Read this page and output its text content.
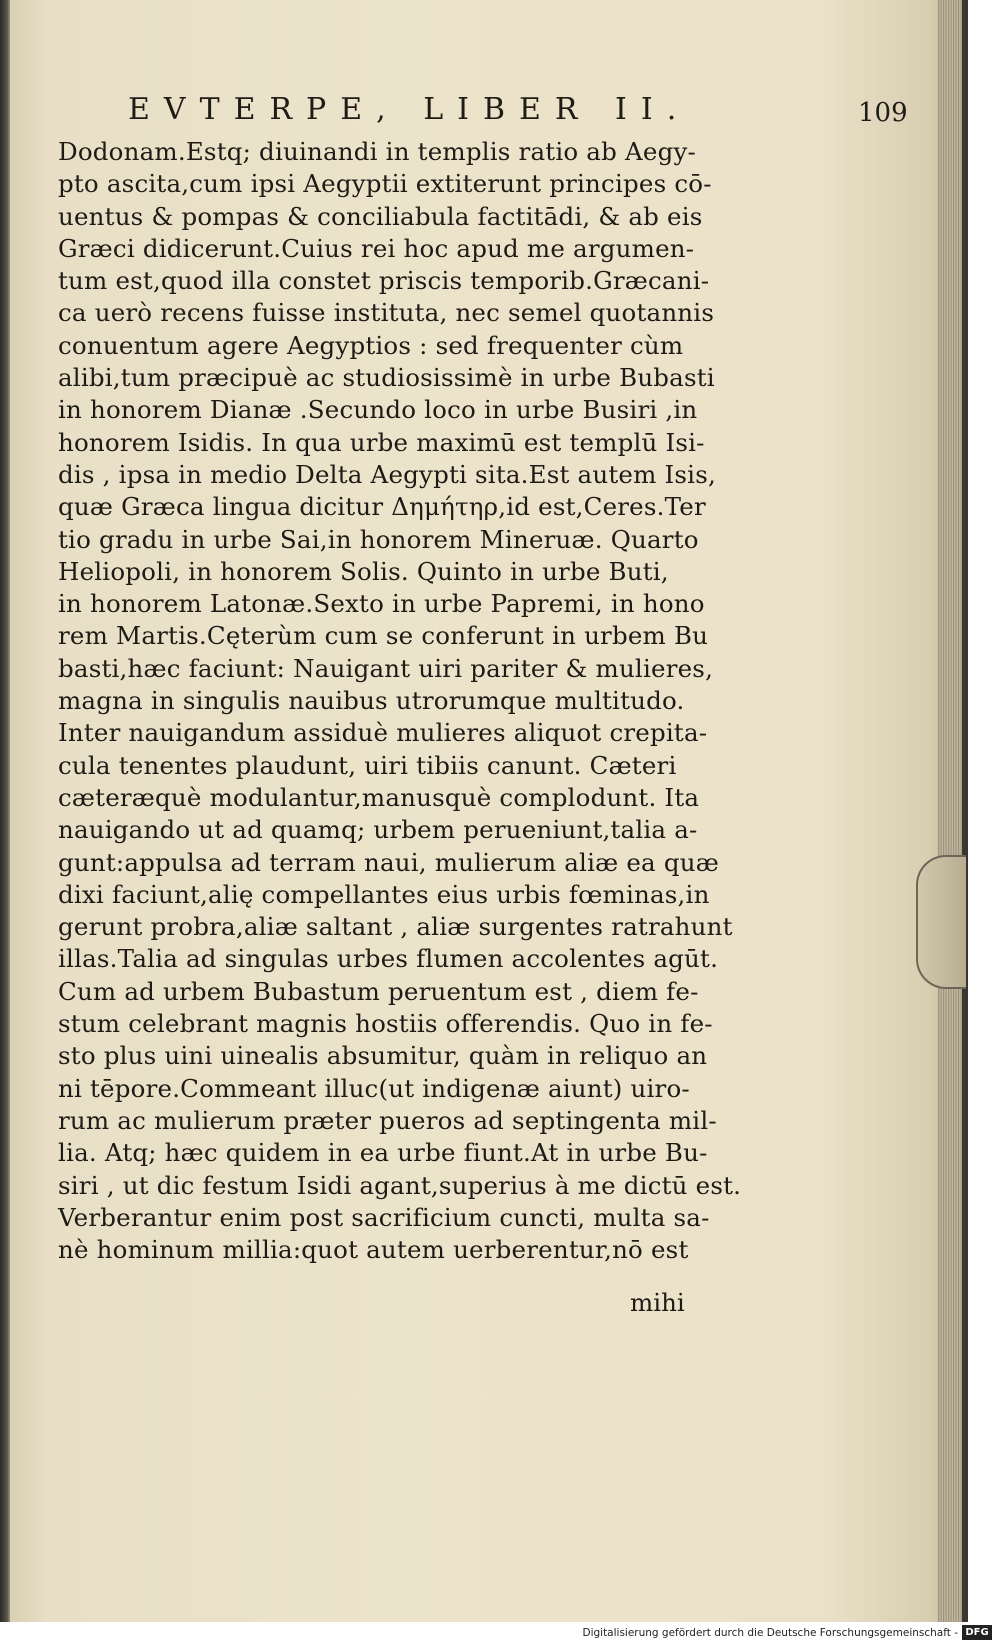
EVTERPE, LIBER II.	109
Dodonam.Estq; diuinandi in templis ratio ab Aegy-
pto ascita,cum ipsi Aegyptii extiterunt principes cō-
uentus & pompas & conciliabula factitādi, & ab eis
Græci didicerunt.Cuius rei hoc apud me argumen-
tum est,quod illa constet priscis temporib.Græcani-
ca uerò recens fuisse instituta, nec semel quotannis
conuentum agere Aegyptios : sed frequenter cùm
alibi,tum præcipuè ac studiosissimè in urbe Bubasti
in honorem Dianæ .Secundo loco in urbe Busiri ,in
honorem Isidis. In qua urbe maximū est templū Isi-
dis , ipsa in medio Delta Aegypti sita.Est autem Isis,
quæ Græca lingua dicitur Δημήτηρ,id est,Ceres.Ter
tio gradu in urbe Sai,in honorem Mineruæ. Quarto
Heliopoli, in honorem Solis. Quinto in urbe Buti,
in honorem Latonæ.Sexto in urbe Papremi, in hono
rem Martis.Cęterùm cum se conferunt in urbem Bu
basti,hæc faciunt: Nauigant uiri pariter & mulieres,
magna in singulis nauibus utrorumque multitudo.
Inter nauigandum assiduè mulieres aliquot crepita-
cula tenentes plaudunt, uiri tibiis canunt. Cæteri
cæteræquè modulantur,manusquè complodunt. Ita
nauigando ut ad quamq; urbem perueniunt,talia a-
gunt:appulsa ad terram naui, mulierum aliæ ea quæ
dixi faciunt,alię compellantes eius urbis fœminas,in
gerunt probra,aliæ saltant , aliæ surgentes ratrahunt
illas.Talia ad singulas urbes flumen accolentes agūt.
Cum ad urbem Bubastum peruentum est , diem fe-
stum celebrant magnis hostiis offerendis. Quo in fe-
sto plus uini uinealis absumitur, quàm in reliquo an
ni tēpore.Commeant illuc(ut indigenæ aiunt) uiro-
rum ac mulierum præter pueros ad septingenta mil-
lia. Atq; hæc quidem in ea urbe fiunt.At in urbe Bu-
siri , ut dic festum Isidi agant,superius à me dictū est.
Verberantur enim post sacrificium cuncti, multa sa-
nè hominum millia:quot autem uerberentur,nō est
mihi
Digitalisierung gefördert durch die Deutsche Forschungsgemeinschaft - DFG
